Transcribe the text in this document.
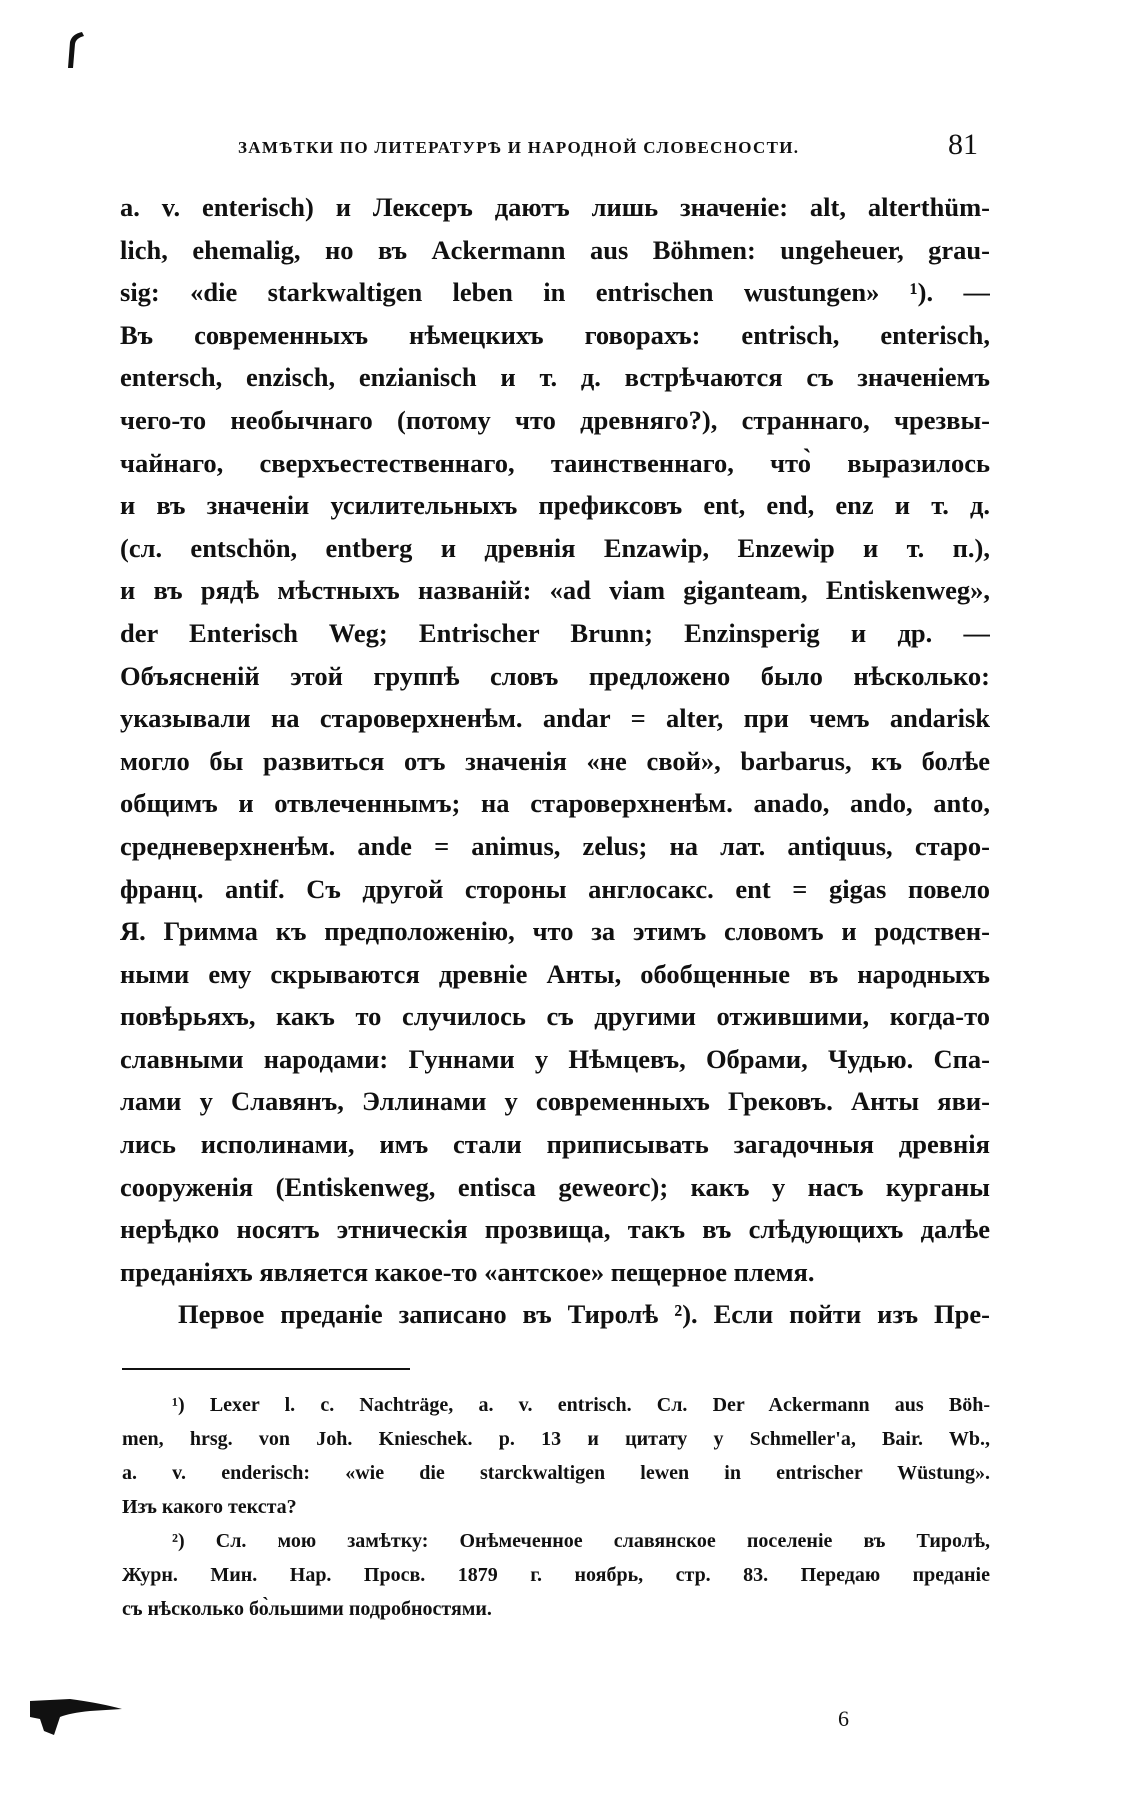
ЗАМѢТКИ ПО ЛИТЕРАТУРѢ И НАРОДНОЙ СЛОВЕСНОСТИ.	81
a. v. enterisch) и Лексеръ даютъ лишь значеніе: alt, alterthüm-
lich, ehemalig, но въ Ackermann aus Böhmen: ungeheuer, grau-
sig: «die starkwaltigen leben in entrischen wustungen» ¹). —
Въ современныхъ нѣмецкихъ говорахъ: entrisch, enterisch,
entersch, enzisch, enzianisch и т. д. встрѣчаются съ значеніемъ
чего-то необычнаго (потому что древняго?), страннаго, чрезвы-
чайнаго, сверхъестественнаго, таинственнаго, что̀ выразилось
и въ значеніи усилительныхъ префиксовъ ent, end, enz и т. д.
(сл. entschön, entberg и древнія Enzawip, Enzewip и т. п.),
и въ рядѣ мѣстныхъ названій: «ad viam gigantеam, Entiskenweg»,
der Enterisch Weg; Entrischer Brunn; Enzinsperig и др. —
Объясненій этой группѣ словъ предложено было нѣсколько:
указывали на староверхненѣм. andar = alter, при чемъ andarisk
могло бы развиться отъ значенія «не свой», barbarus, къ болѣе
общимъ и отвлеченнымъ; на староверхненѣм. anado, ando, anto,
средневерхненѣм. ande = animus, zelus; на лат. antiquus, старо-
франц. antif. Съ другой стороны англосакс. ent = gigas повело
Я. Гримма къ предположенію, что за этимъ словомъ и родствен-
ными ему скрываются древніе Анты, обобщенные въ народныхъ
повѣрьяхъ, какъ то случилось съ другими отжившими, когда-то
славными народами: Гуннами у Нѣмцевъ, Обрами, Чудью. Спа-
лами у Славянъ, Эллинами у современныхъ Грековъ. Анты яви-
лись исполинами, имъ стали приписывать загадочныя древнія
сооруженія (Entiskenweg, entisca geweorc); какъ у насъ курганы
нерѣдко носятъ этническія прозвища, такъ въ слѣдующихъ далѣе
преданіяхъ является какое-то «антское» пещерное племя.
Первое преданіе записано въ Тиролѣ ²). Если пойти изъ Пре-
¹) Lexer l. c. Nachträge, a. v. entrisch. Сл. Der Ackermann aus Böh-
men, hrsg. von Joh. Knieschek. p. 13 и цитату у Schmeller'a, Bair. Wb.,
a. v. enderisch: «wie die starckwaltigen lewen in entrischer Wüstung».
Изъ какого текста?
²) Сл. мою замѣтку: Онѣмеченное славянское поселеніе въ Тиролѣ,
Журн. Мин. Нар. Просв. 1879 г. ноябрь, стр. 83. Передаю преданіе
съ нѣсколько бо̀льшими подробностями.
6
